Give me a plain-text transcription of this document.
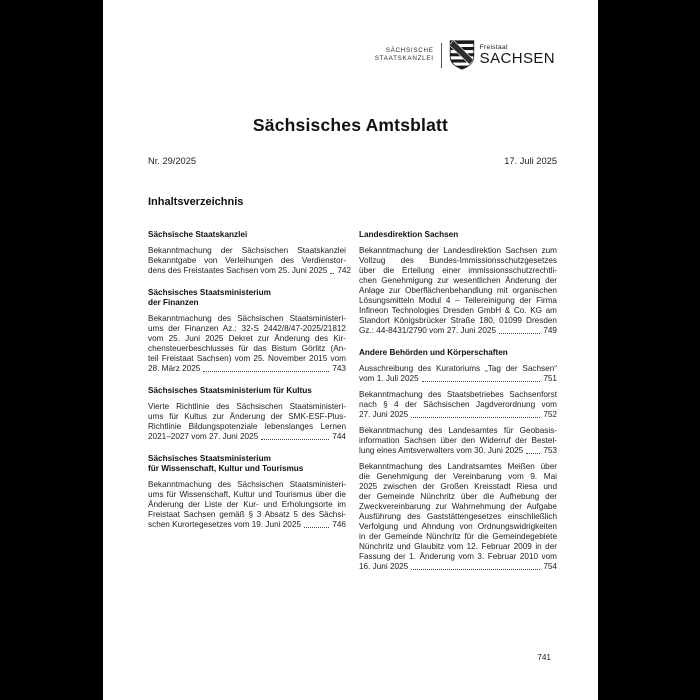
SÄCHSISCHE
STAATSKANZLEI
Freistaat
SACHSEN
Sächsisches Amtsblatt
Nr. 29/2025	17. Juli 2025
Inhaltsverzeichnis
Sächsische Staatskanzlei
Bekanntmachung der Sächsischen Staatskanzlei
Bekanntgabe von Verleihungen des Verdienstor-
dens des Freistaates Sachsen vom 25. Juni 2025 742
Sächsisches Staatsministerium
der Finanzen
Bekanntmachung des Sächsischen Staatsministeri-
ums der Finanzen Az.: 32-S 2442/8/47-2025/21812
vom 25. Juni 2025 Dekret zur Änderung des Kir-
chensteuerbeschlusses für das Bistum Görlitz (An-
teil Freistaat Sachsen) vom 25. November 2015 vom
28. März 2025	743
Sächsisches Staatsministerium für Kultus
Vierte Richtlinie des Sächsischen Staatsministeri-
ums für Kultus zur Änderung der SMK-ESF-Plus-
Richtlinie Bildungspotenziale lebenslanges Lernen
2021–2027 vom 27. Juni 2025	744
Sächsisches Staatsministerium
für Wissenschaft, Kultur und Tourismus
Bekanntmachung des Sächsischen Staatsministeri-
ums für Wissenschaft, Kultur und Tourismus über die
Änderung der Liste der Kur- und Erholungsorte im
Freistaat Sachsen gemäß § 3 Absatz 5 des Sächsi-
schen Kurortegesetzes vom 19. Juni 2025	746
Landesdirektion Sachsen
Bekanntmachung der Landesdirektion Sachsen zum
Vollzug des Bundes-Immissionsschutzgesetzes
über die Erteilung einer immissionsschutzrechtli-
chen Genehmigung zur wesentlichen Änderung der
Anlage zur Oberflächenbehandlung mit organischen
Lösungsmitteln Modul 4 – Teilereinigung der Firma
Infineon Technologies Dresden GmbH & Co. KG am
Standort Königsbrücker Straße 180, 01099 Dresden
Gz.: 44-8431/2790 vom 27. Juni 2025	749
Andere Behörden und Körperschaften
Ausschreibung des Kuratoriums „Tag der Sachsen“
vom 1. Juli 2025	751
Bekanntmachung des Staatsbetriebes Sachsenforst
nach § 4 der Sächsischen Jagdverordnung vom
27. Juni 2025	752
Bekanntmachung des Landesamtes für Geobasis-
information Sachsen über den Widerruf der Bestel-
lung eines Amtsverwalters vom 30. Juni 2025 753
Bekanntmachung des Landratsamtes Meißen über
die Genehmigung der Vereinbarung vom 9. Mai
2025 zwischen der Großen Kreisstadt Riesa und
der Gemeinde Nünchritz über die Aufhebung der
Zweckvereinbarung zur Wahrnehmung der Aufgabe
Ausführung des Gaststättengesetzes einschließlich
Verfolgung und Ahndung von Ordnungswidrigkeiten
in der Gemeinde Nünchritz für die Gemeindegebiete
Nünchritz und Glaubitz vom 12. Februar 2009 in der
Fassung der 1. Änderung vom 3. Februar 2010 vom
16. Juni 2025	754
741
